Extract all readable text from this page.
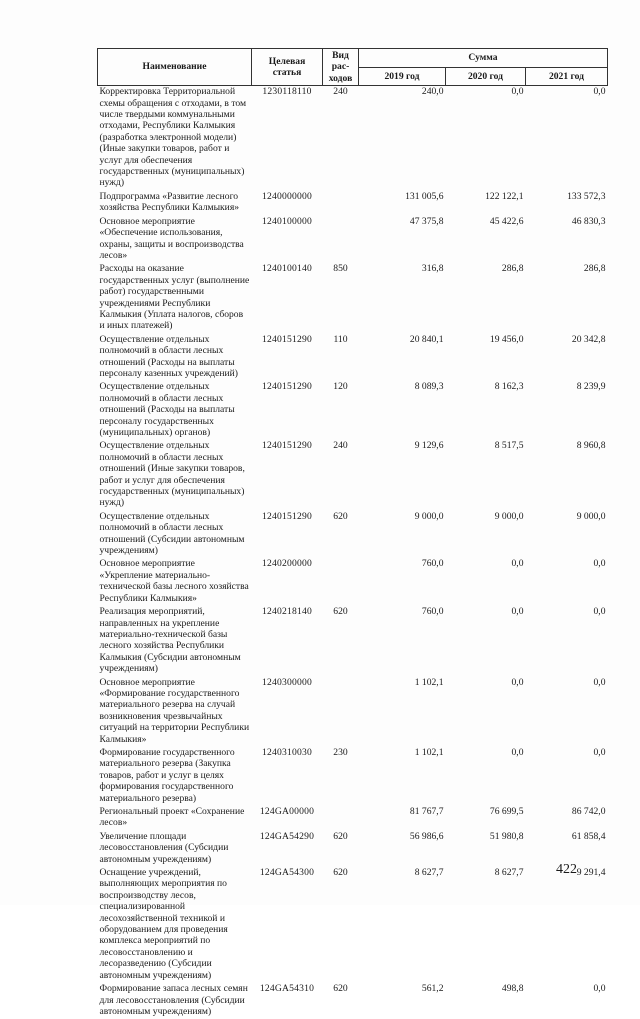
Наименование	Целевая статья	Вид рас-ходов	Сумма		
			2019 год	2020 год	2021 год
Корректировка Территориальной схемы обращения с отходами, в том числе твердыми коммунальными отходами, Республики Калмыкия (разработка электронной модели) (Иные закупки товаров, работ и услуг для обеспечения государственных (муниципальных) нужд)	1230118110	240	240,0	0,0	0,0
Подпрограмма «Развитие лесного хозяйства Республики Калмыкия»	1240000000		131 005,6	122 122,1	133 572,3
Основное мероприятие «Обеспечение использования, охраны, защиты и воспроизводства лесов»	1240100000		47 375,8	45 422,6	46 830,3
Расходы на оказание государственных услуг (выполнение работ) государственными учреждениями Республики Калмыкия (Уплата налогов, сборов и иных платежей)	1240100140	850	316,8	286,8	286,8
Осуществление отдельных полномочий в области лесных отношений (Расходы на выплаты персоналу казенных учреждений)	1240151290	110	20 840,1	19 456,0	20 342,8
Осуществление отдельных полномочий в области лесных отношений (Расходы на выплаты персоналу государственных (муниципальных) органов)	1240151290	120	8 089,3	8 162,3	8 239,9
Осуществление отдельных полномочий в области лесных отношений (Иные закупки товаров, работ и услуг для обеспечения государственных (муниципальных) нужд)	1240151290	240	9 129,6	8 517,5	8 960,8
Осуществление отдельных полномочий в области лесных отношений (Субсидии автономным учреждениям)	1240151290	620	9 000,0	9 000,0	9 000,0
Основное мероприятие «Укрепление материально-технической базы лесного хозяйства Республики Калмыкия»	1240200000		760,0	0,0	0,0
Реализация мероприятий, направленных на укрепление материально-технической базы лесного хозяйства Республики Калмыкия (Субсидии автономным учреждениям)	1240218140	620	760,0	0,0	0,0
Основное мероприятие «Формирование государственного материального резерва на случай возникновения чрезвычайных ситуаций на территории Республики Калмыкия»	1240300000		1 102,1	0,0	0,0
Формирование государственного материального резерва (Закупка товаров, работ и услуг в целях формирования государственного материального резерва)	1240310030	230	1 102,1	0,0	0,0
Региональный проект «Сохранение лесов»	124GA00000		81 767,7	76 699,5	86 742,0
Увеличение площади лесовосстановления (Субсидии автономным учреждениям)	124GA54290	620	56 986,6	51 980,8	61 858,4
Оснащение учреждений, выполняющих мероприятия по воспроизводству лесов, специализированной лесохозяйственной техникой и оборудованием для проведения комплекса мероприятий по лесовосстановлению и лесоразведению (Субсидии автономным учреждениям)	124GA54300	620	8 627,7	8 627,7	9 291,4
Формирование запаса лесных семян для лесовосстановления (Субсидии автономным учреждениям)	124GA54310	620	561,2	498,8	0,0
422
